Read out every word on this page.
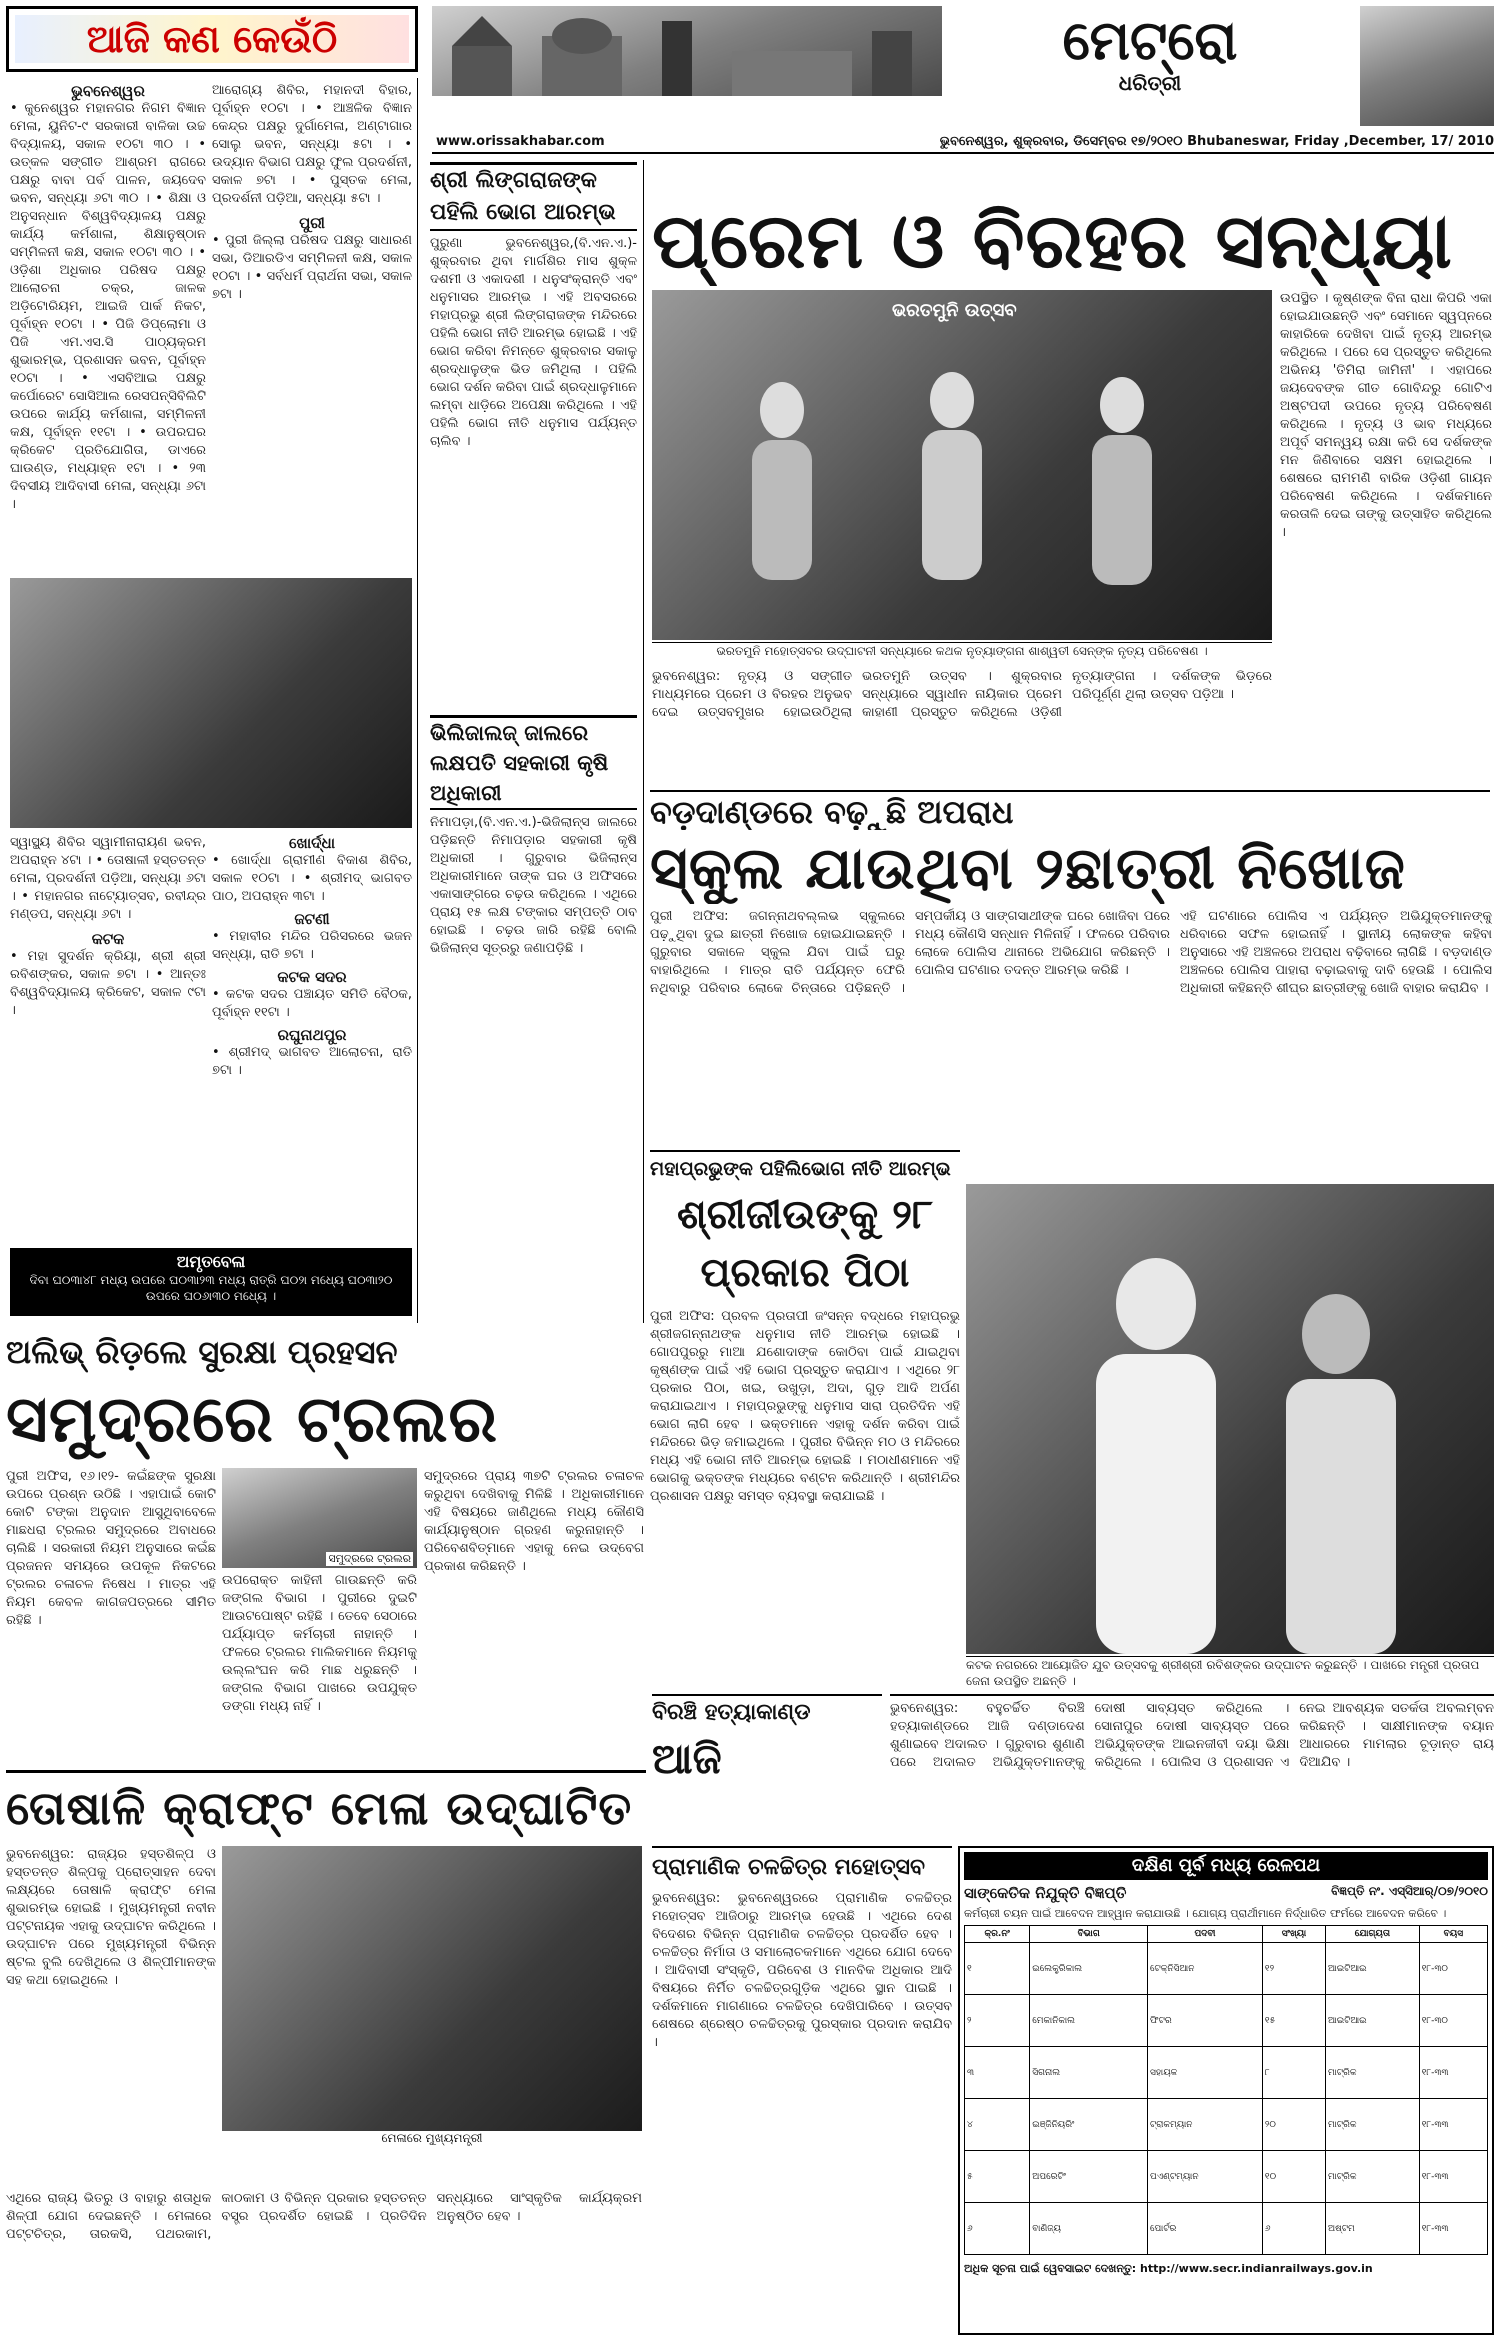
ଆଜି କଣ କେଉଁଠି	ମେଟ୍ରୋ
ଧରିତ୍ରୀ
www.orissakhabar.com	ଭୁବନେଶ୍ୱର, ଶୁକ୍ରବାର, ଡିସେମ୍ବର ୧୭/୨୦୧୦ Bhubaneswar, Friday ,December, 17/ 2010
ଭୁବନେଶ୍ୱର
• କୁନେଶ୍ୱର ମହାନଗର ନିଗମ ବିଜ୍ଞାନ ମେଳା, ୟୁନିଟ-୯ ସରକାରୀ ବାଳିକା ଉଚ୍ଚ ବିଦ୍ୟାଳୟ, ସକାଳ ୧୦ଟା ୩୦ । • ଉତ୍କଳ ସଙ୍ଗୀତ ଆଶ୍ରମ ରାଗରେ ପକ୍ଷରୁ ବାବା ପର୍ବ ପାଳନ, ଜୟଦେବ ଭବନ, ସନ୍ଧ୍ୟା ୬ଟା ୩୦ । • ଶିକ୍ଷା ଓ ଅନୁସନ୍ଧାନ ବିଶ୍ୱବିଦ୍ୟାଳୟ ପକ୍ଷରୁ କାର୍ଯ୍ୟ କର୍ମଶାଳା, ଶିକ୍ଷାନୁଷ୍ଠାନ ସମ୍ମିଳନୀ କକ୍ଷ, ସକାଳ ୧୦ଟା ୩୦ । • ଓଡ଼ିଶା ଅଧିକାର ପରିଷଦ ପକ୍ଷରୁ ଆଲୋଚନା ଚକ୍ର, ଜାଳକ ଅଡ଼ିଟୋରିୟମ, ଆଇଜି ପାର୍କ ନିକଟ, ପୂର୍ବାହ୍ନ ୧୦ଟା । • ପିଜି ଡିପ୍ଲୋମା ଓ ପିଜି ଏମ.ଏସ.ସି ପାଠ୍ୟକ୍ରମ ଶୁଭାରମ୍ଭ, ପ୍ରଶାସନ ଭବନ, ପୂର୍ବାହ୍ନ ୧୦ଟା । • ଏସବିଆଇ ପକ୍ଷରୁ କର୍ପୋରେଟ ସୋସିଆଲ ରେସପନ୍ସିବିଲିଟି ଉପରେ କାର୍ଯ୍ୟ କର୍ମଶାଳା, ସମ୍ମିଳନୀ କକ୍ଷ, ପୂର୍ବାହ୍ନ ୧୧ଟା । • ଉପରଘର କ୍ରିକେଟ ପ୍ରତିଯୋଗିତା, ଡାଏରେ ଘାଉଣ୍ଡ, ମଧ୍ୟାହ୍ନ ୧ଟା । • ୨୩ ଦିବସୀୟ ଆଦିବାସୀ ମେଳା, ସନ୍ଧ୍ୟା ୬ଟା ।
ଆରୋଗ୍ୟ ଶିବିର, ମହାନଦୀ ବିହାର, ପୂର୍ବାହ୍ନ ୧୦ଟା । • ଆଞ୍ଚଳିକ ବିଜ୍ଞାନ କେନ୍ଦ୍ର ପକ୍ଷରୁ ଦୁର୍ଗାମେଳା, ଅଣ୍ଟାଗାର ସୋଲୁ ଭବନ, ସନ୍ଧ୍ୟା ୫ଟା । • ଉଦ୍ୟାନ ବିଭାଗ ପକ୍ଷରୁ ଫୁଲ ପ୍ରଦର୍ଶନୀ, ସକାଳ ୭ଟା । • ପୁସ୍ତକ ମେଳା, ପ୍ରଦର୍ଶନୀ ପଡ଼ିଆ, ସନ୍ଧ୍ୟା ୫ଟା ।
ପୁରୀ
• ପୁରୀ ଜିଲ୍ଲା ପରିଷଦ ପକ୍ଷରୁ ସାଧାରଣ ସଭା, ଡିଆରଡିଏ ସମ୍ମିଳନୀ କକ୍ଷ, ସକାଳ ୧୦ଟା । • ସର୍ବଧର୍ମ ପ୍ରାର୍ଥନା ସଭା, ସକାଳ ୭ଟା ।
ସ୍ୱାସ୍ଥ୍ୟ ଶିବିର ସ୍ୱାମୀନାରାୟଣ ଭବନ, ଅପରାହ୍ନ ୪ଟା । • ତୋଷାଳୀ ହସ୍ତତନ୍ତ ମେଳା, ପ୍ରଦର୍ଶନୀ ପଡ଼ିଆ, ସନ୍ଧ୍ୟା ୬ଟା । • ମହାନଗର ନାଟ୍ୟୋତ୍ସବ, ରବୀନ୍ଦ୍ର ମଣ୍ଡପ, ସନ୍ଧ୍ୟା ୬ଟା ।
କଟକ
• ମହା ସୁଦର୍ଶନ କ୍ରିୟା, ଶ୍ରୀ ଶ୍ରୀ ରବିଶଙ୍କର, ସକାଳ ୭ଟା । • ଆନ୍ତଃ ବିଶ୍ୱବିଦ୍ୟାଳୟ କ୍ରିକେଟ, ସକାଳ ୯ଟା ।
ଖୋର୍ଦ୍ଧା
• ଖୋର୍ଦ୍ଧା ଗ୍ରାମୀଣ ବିକାଶ ଶିବିର, ସକାଳ ୧୦ଟା । • ଶ୍ରୀମଦ୍ ଭାଗବତ ପାଠ, ଅପରାହ୍ନ ୩ଟା ।
ଜଟଣୀ
• ମହାବୀର ମନ୍ଦିର ପରିସରରେ ଭଜନ ସନ୍ଧ୍ୟା, ରାତି ୭ଟା ।
କଟକ ସଦର
• କଟକ ସଦର ପଞ୍ଚାୟତ ସମିତି ବୈଠକ, ପୂର୍ବାହ୍ନ ୧୧ଟା ।
ରଘୁନାଥପୁର
• ଶ୍ରୀମଦ୍ ଭାଗବତ ଆଲୋଚନା, ରାତି ୭ଟା ।
ଅମୃତବେଳା
ଦିବା ଘ୦୩ା୪୮ ମଧ୍ୟ ଉପରେ ଘ୦୩ା୨୩ ମଧ୍ୟ ରାତ୍ରି ଘ୦୨ା ମଧ୍ୟେ ଘ୦୩ା୨୦ ଉପରେ ଘ୦୬ା୩୦ ମଧ୍ୟେ ।
ଶ୍ରୀ ଲିଙ୍ଗରାଜଙ୍କ ପହିଲି ଭୋଗ ଆରମ୍ଭ
ପୁରୁଣା ଭୁବନେଶ୍ୱର,(ବି.ଏନ.ଏ.)- ଶୁକ୍ରବାର ଥିବା ମାର୍ଗଶିର ମାସ ଶୁକ୍ଳ ଦଶମୀ ଓ ଏକାଦଶୀ । ଧନୁସଂକ୍ରାନ୍ତି ଏବଂ ଧନୁମାସର ଆରମ୍ଭ । ଏହି ଅବସରରେ ମହାପ୍ରଭୁ ଶ୍ରୀ ଲିଙ୍ଗରାଜଙ୍କ ମନ୍ଦିରରେ ପହିଲି ଭୋଗ ନୀତି ଆରମ୍ଭ ହୋଇଛି । ଏହି ଭୋଗ କରିବା ନିମନ୍ତେ ଶୁକ୍ରବାର ସକାଳୁ ଶ୍ରଦ୍ଧାଳୁଙ୍କ ଭିଡ ଜମିଥିଲା । ପହିଲି ଭୋଗ ଦର୍ଶନ କରିବା ପାଇଁ ଶ୍ରଦ୍ଧାଳୁମାନେ ଲମ୍ବା ଧାଡ଼ିରେ ଅପେକ୍ଷା କରିଥିଲେ । ଏହି ପହିଲି ଭୋଗ ନୀତି ଧନୁମାସ ପର୍ଯ୍ୟନ୍ତ ଚାଲିବ ।
ଭିଲିଜାଲଜ୍ ଜାଲରେ ଲକ୍ଷପତି ସହକାରୀ କୃଷି ଅଧିକାରୀ
ନିମାପଡ଼ା,(ବି.ଏନ.ଏ.)-ଭିଜିଲାନ୍ସ ଜାଲରେ ପଡ଼ିଛନ୍ତି ନିମାପଡ଼ାର ସହକାରୀ କୃଷି ଅଧିକାରୀ । ଗୁରୁବାର ଭିଜିଲାନ୍ସ ଅଧିକାରୀମାନେ ତାଙ୍କ ଘର ଓ ଅଫିସରେ ଏକାସାଙ୍ଗରେ ଚଢ଼ଉ କରିଥିଲେ । ଏଥିରେ ପ୍ରାୟ ୧୫ ଲକ୍ଷ ଟଙ୍କାର ସମ୍ପତ୍ତି ଠାବ ହୋଇଛି । ଚଢ଼ଉ ଜାରି ରହିଛି ବୋଲି ଭିଜିଲାନ୍ସ ସୂତ୍ରରୁ ଜଣାପଡ଼ିଛି ।
ପ୍ରେମ ଓ ବିରହର ସନ୍ଧ୍ୟା
ଭରତମୁନି ଉତ୍ସବ
ଉପସ୍ଥିତ । କୃଷ୍ଣଙ୍କ ବିନା ରାଧା କିପରି ଏକା ହୋଇଯାଉଛନ୍ତି ଏବଂ ସେମାନେ ସ୍ୱପ୍ନରେ କାହାରିକେ ଦେଖିବା ପାଇଁ ନୃତ୍ୟ ଆରମ୍ଭ କରିଥିଲେ । ପରେ ସେ ପ୍ରସ୍ତୁତ କରିଥିଲେ ଅଭିନୟ 'ତିମିରା ଜାମିନୀ' । ଏହାପରେ ଜୟଦେବଙ୍କ ଗୀତ ଗୋବିନ୍ଦରୁ ଗୋଟିଏ ଅଷ୍ଟପଦୀ ଉପରେ ନୃତ୍ୟ ପରିବେଷଣ କରିଥିଲେ । ନୃତ୍ୟ ଓ ଭାବ ମଧ୍ୟରେ ଅପୂର୍ବ ସମନ୍ୱୟ ରକ୍ଷା କରି ସେ ଦର୍ଶକଙ୍କ ମନ ଜିଣିବାରେ ସକ୍ଷମ ହୋଇଥିଲେ । ଶେଷରେ ରାମମଣି ବାରିକ ଓଡ଼ିଶୀ ଗାୟନ ପରିବେଷଣ କରିଥିଲେ । ଦର୍ଶକମାନେ କରତାଳି ଦେଇ ତାଙ୍କୁ ଉତ୍ସାହିତ କରିଥିଲେ ।
ଭରତମୁନି ମହୋତ୍ସବର ଉଦ୍‌ଘାଟନୀ ସନ୍ଧ୍ୟାରେ କଥକ ନୃତ୍ୟାଙ୍ଗନା ଶାଶ୍ୱତୀ ସେନ୍‌ଙ୍କ ନୃତ୍ୟ ପରିବେଷଣ ।
ଭୁବନେଶ୍ୱର: ନୃତ୍ୟ ଓ ସଙ୍ଗୀତ ମାଧ୍ୟମରେ ପ୍ରେମ ଓ ବିରହର ଅନୁଭବ ଦେଇ ଉତ୍ସବମୁଖର ହୋଇଉଠିଥିଲା ଭରତମୁନି ଉତ୍ସବ । ଶୁକ୍ରବାର ସନ୍ଧ୍ୟାରେ ସ୍ୱାଧୀନ ନାୟିକାର ପ୍ରେମ କାହାଣୀ ପ୍ରସ୍ତୁତ କରିଥିଲେ ଓଡ଼ିଶୀ ନୃତ୍ୟାଙ୍ଗନା । ଦର୍ଶକଙ୍କ ଭିଡ଼ରେ ପରିପୂର୍ଣ୍ଣ ଥିଲା ଉତ୍ସବ ପଡ଼ିଆ ।
ବଡ଼ଦାଣ୍ଡରେ ବଢ଼ୁଛି ଅପରାଧ
ସ୍କୁଲ ଯାଉଥିବା ୨ଛାତ୍ରୀ ନିଖୋଜ
ପୁରୀ ଅଫିସ: ଜଗନ୍ନାଥବଲ୍ଲଭ ସ୍କୁଲରେ ପଢ଼ୁଥିବା ଦୁଇ ଛାତ୍ରୀ ନିଖୋଜ ହୋଇଯାଇଛନ୍ତି । ଗୁରୁବାର ସକାଳେ ସ୍କୁଲ ଯିବା ପାଇଁ ଘରୁ ବାହାରିଥିଲେ । ମାତ୍ର ରାତି ପର୍ଯ୍ୟନ୍ତ ଫେରି ନଥିବାରୁ ପରିବାର ଲୋକେ ଚିନ୍ତାରେ ପଡ଼ିଛନ୍ତି । ସମ୍ପର୍କୀୟ ଓ ସାଙ୍ଗସାଥୀଙ୍କ ଘରେ ଖୋଜିବା ପରେ ମଧ୍ୟ କୌଣସି ସନ୍ଧାନ ମିଳିନାହିଁ । ଫଳରେ ପରିବାର ଲୋକେ ପୋଲିସ ଥାନାରେ ଅଭିଯୋଗ କରିଛନ୍ତି । ପୋଲିସ ଘଟଣାର ତଦନ୍ତ ଆରମ୍ଭ କରିଛି ।
ଏହି ଘଟଣାରେ ପୋଲିସ ଏ ପର୍ଯ୍ୟନ୍ତ ଅଭିଯୁକ୍ତମାନଙ୍କୁ ଧରିବାରେ ସଫଳ ହୋଇନାହିଁ । ସ୍ଥାନୀୟ ଲୋକଙ୍କ କହିବା ଅନୁସାରେ ଏହି ଅଞ୍ଚଳରେ ଅପରାଧ ବଢ଼ିବାରେ ଲାଗିଛି । ବଡ଼ଦାଣ୍ଡ ଅଞ୍ଚଳରେ ପୋଲିସ ପାହାରା ବଢ଼ାଇବାକୁ ଦାବି ହେଉଛି । ପୋଲିସ ଅଧିକାରୀ କହିଛନ୍ତି ଶୀଘ୍ର ଛାତ୍ରୀଙ୍କୁ ଖୋଜି ବାହାର କରାଯିବ ।
ମହାପ୍ରଭୁଙ୍କ ପହିଲିଭୋଗ ନୀତି ଆରମ୍ଭ
ଶ୍ରୀଜୀଉଙ୍କୁ ୨୮ ପ୍ରକାର ପିଠା
ପୁରୀ ଅଫିସ: ପ୍ରବଳ ପ୍ରତାପୀ ଜଂସନ୍ନ ବଦ୍ଧରେ ମହାପ୍ରଭୁ ଶ୍ରୀଜଗନ୍ନାଥଙ୍କ ଧନୁମାସ ନୀତି ଆରମ୍ଭ ହୋଇଛି । ଗୋପପୁରରୁ ମାଆ ଯଶୋଦାଙ୍କ କୋଠିବା ପାଇଁ ଯାଇଥିବା କୃଷ୍ଣଙ୍କ ପାଇଁ ଏହି ଭୋଗ ପ୍ରସ୍ତୁତ କରାଯାଏ । ଏଥିରେ ୨୮ ପ୍ରକାର ପିଠା, ଖଇ, ଉଖୁଡ଼ା, ଅଦା, ଗୁଡ଼ ଆଦି ଅର୍ପଣ କରାଯାଇଥାଏ । ମହାପ୍ରଭୁଙ୍କୁ ଧନୁମାସ ସାରା ପ୍ରତିଦିନ ଏହି ଭୋଗ ଲାଗି ହେବ । ଭକ୍ତମାନେ ଏହାକୁ ଦର୍ଶନ କରିବା ପାଇଁ ମନ୍ଦିରରେ ଭିଡ଼ ଜମାଇଥିଲେ । ପୁରୀର ବିଭିନ୍ନ ମଠ ଓ ମନ୍ଦିରରେ ମଧ୍ୟ ଏହି ଭୋଗ ନୀତି ଆରମ୍ଭ ହୋଇଛି । ମଠାଧୀଶମାନେ ଏହି ଭୋଗକୁ ଭକ୍ତଙ୍କ ମଧ୍ୟରେ ବଣ୍ଟନ କରିଥାନ୍ତି । ଶ୍ରୀମନ୍ଦିର ପ୍ରଶାସନ ପକ୍ଷରୁ ସମସ୍ତ ବ୍ୟବସ୍ଥା କରାଯାଇଛି ।
କଟକ ନଗରରେ ଆୟୋଜିତ ଯୁବ ଉତ୍ସବକୁ ଶ୍ରୀଶ୍ରୀ ରବିଶଙ୍କର ଉଦ୍‌ଘାଟନ କରୁଛନ୍ତି । ପାଖରେ ମନ୍ତ୍ରୀ ପ୍ରତାପ ଜେନା ଉପସ୍ଥିତ ଅଛନ୍ତି ।
ଅଲିଭ୍ ରିଡ଼ଲେ ସୁରକ୍ଷା ପ୍ରହସନ
ସମୁଦ୍ରରେ ଟ୍ରଲର
ପୁରୀ ଅଫିସ, ୧୬।୧୨- କଇଁଛଙ୍କ ସୁରକ୍ଷା ଉପରେ ପ୍ରଶ୍ନ ଉଠିଛି । ଏହାପାଇଁ କୋଟି କୋଟି ଟଙ୍କା ଅନୁଦାନ ଆସୁଥିବାବେଳେ ମାଛଧରା ଟ୍ରଲର ସମୁଦ୍ରରେ ଅବାଧରେ ଚାଲିଛି । ସରକାରୀ ନିୟମ ଅନୁସାରେ କଇଁଛ ପ୍ରଜନନ ସମୟରେ ଉପକୂଳ ନିକଟରେ ଟ୍ରଲର ଚଳାଚଳ ନିଷେଧ । ମାତ୍ର ଏହି ନିୟମ କେବଳ କାଗଜପତ୍ରରେ ସୀମିତ ରହିଛି ।
ସମୁଦ୍ରରେ ଟ୍ରଲର
ଉପରୋକ୍ତ କାହିନୀ ଗାଉଛନ୍ତି କରି ଜଙ୍ଗଲ ବିଭାଗ । ପୁରୀରେ ଦୁଇଟି ଆଉଟପୋଷ୍ଟ ରହିଛି । ତେବେ ସେଠାରେ ପର୍ଯ୍ୟାପ୍ତ କର୍ମଚାରୀ ନାହାନ୍ତି । ଫଳରେ ଟ୍ରଲର ମାଲିକମାନେ ନିୟମକୁ ଉଲ୍ଲଂଘନ କରି ମାଛ ଧରୁଛନ୍ତି । ଜଙ୍ଗଲ ବିଭାଗ ପାଖରେ ଉପଯୁକ୍ତ ଡଙ୍ଗା ମଧ୍ୟ ନାହିଁ ।
ସମୁଦ୍ରରେ ପ୍ରାୟ ୩୭ଟି ଟ୍ରଲର ଚଳାଚଳ କରୁଥିବା ଦେଖିବାକୁ ମିଳିଛି । ଅଧିକାରୀମାନେ ଏହି ବିଷୟରେ ଜାଣିଥିଲେ ମଧ୍ୟ କୌଣସି କାର୍ଯ୍ୟାନୁଷ୍ଠାନ ଗ୍ରହଣ କରୁନାହାନ୍ତି । ପରିବେଶବିତ୍‌ମାନେ ଏହାକୁ ନେଇ ଉଦ୍‌ବେଗ ପ୍ରକାଶ କରିଛନ୍ତି ।
ବିରଞ୍ଚି ହତ୍ୟାକାଣ୍ଡ
ଆଜି
ଭୁବନେଶ୍ୱର: ବହୁଚର୍ଚ୍ଚିତ ବିରଞ୍ଚି ହତ୍ୟାକାଣ୍ଡରେ ଆଜି ଦଣ୍ଡାଦେଶ ଶୁଣାଇବେ ଅଦାଲତ । ଗୁରୁବାର ଶୁଣାଣି ପରେ ଅଦାଲତ ଅଭିଯୁକ୍ତମାନଙ୍କୁ ଦୋଷୀ ସାବ୍ୟସ୍ତ କରିଥିଲେ । ସୋନାପୁର ଦୋଷୀ ସାବ୍ୟସ୍ତ ପରେ ଅଭିଯୁକ୍ତଙ୍କ ଆଇନଜୀବୀ ଦୟା ଭିକ୍ଷା କରିଥିଲେ । ପୋଲିସ ଓ ପ୍ରଶାସନ ଏ ନେଇ ଆବଶ୍ୟକ ସତର୍କତା ଅବଲମ୍ବନ କରିଛନ୍ତି । ସାକ୍ଷୀମାନଙ୍କ ବୟାନ ଆଧାରରେ ମାମଲାର ଚୂଡ଼ାନ୍ତ ରାୟ ଦିଆଯିବ ।
ତୋଷାଳି କ୍ରାଫ୍ଟ ମେଳା ଉଦ୍‌ଘାଟିତ
ଭୁବନେଶ୍ୱର: ରାଜ୍ୟର ହସ୍ତଶିଳ୍ପ ଓ ହସ୍ତତନ୍ତ ଶିଳ୍ପକୁ ପ୍ରୋତ୍ସାହନ ଦେବା ଲକ୍ଷ୍ୟରେ ତୋଷାଳି କ୍ରାଫ୍ଟ ମେଳା ଶୁଭାରମ୍ଭ ହୋଇଛି । ମୁଖ୍ୟମନ୍ତ୍ରୀ ନବୀନ ପଟ୍ଟନାୟକ ଏହାକୁ ଉଦ୍‌ଘାଟନ କରିଥିଲେ । ଉଦ୍‌ଘାଟନ ପରେ ମୁଖ୍ୟମନ୍ତ୍ରୀ ବିଭିନ୍ନ ଷ୍ଟଲ ବୁଲି ଦେଖିଥିଲେ ଓ ଶିଳ୍ପୀମାନଙ୍କ ସହ କଥା ହୋଇଥିଲେ ।
ମେଳାରେ ମୁଖ୍ୟମନ୍ତ୍ରୀ
ଏଥିରେ ରାଜ୍ୟ ଭିତରୁ ଓ ବାହାରୁ ଶତାଧିକ ଶିଳ୍ପୀ ଯୋଗ ଦେଇଛନ୍ତି । ମେଳାରେ ପଟ୍ଟଚିତ୍ର, ତାରକସି, ପଥରକାମ, କାଠକାମ ଓ ବିଭିନ୍ନ ପ୍ରକାର ହସ୍ତତନ୍ତ ବସ୍ତ୍ର ପ୍ରଦର୍ଶିତ ହୋଇଛି । ପ୍ରତିଦିନ ସନ୍ଧ୍ୟାରେ ସାଂସ୍କୃତିକ କାର୍ଯ୍ୟକ୍ରମ ଅନୁଷ୍ଠିତ ହେବ ।
ପ୍ରାମାଣିକ ଚଳଚ୍ଚିତ୍ର ମହୋତ୍ସବ
ଭୁବନେଶ୍ୱର: ଭୁବନେଶ୍ୱରରେ ପ୍ରାମାଣିକ ଚଳଚ୍ଚିତ୍ର ମହୋତ୍ସବ ଆଜିଠାରୁ ଆରମ୍ଭ ହେଉଛି । ଏଥିରେ ଦେଶ ବିଦେଶର ବିଭିନ୍ନ ପ୍ରାମାଣିକ ଚଳଚ୍ଚିତ୍ର ପ୍ରଦର୍ଶିତ ହେବ । ଚଳଚ୍ଚିତ୍ର ନିର୍ମାତା ଓ ସମାଲୋଚକମାନେ ଏଥିରେ ଯୋଗ ଦେବେ । ଆଦିବାସୀ ସଂସ୍କୃତି, ପରିବେଶ ଓ ମାନବିକ ଅଧିକାର ଆଦି ବିଷୟରେ ନିର୍ମିତ ଚଳଚ୍ଚିତ୍ରଗୁଡ଼ିକ ଏଥିରେ ସ୍ଥାନ ପାଇଛି । ଦର୍ଶକମାନେ ମାଗଣାରେ ଚଳଚ୍ଚିତ୍ର ଦେଖିପାରିବେ । ଉତ୍ସବ ଶେଷରେ ଶ୍ରେଷ୍ଠ ଚଳଚ୍ଚିତ୍ରକୁ ପୁରସ୍କାର ପ୍ରଦାନ କରାଯିବ ।
ଦକ୍ଷିଣ ପୂର୍ବ ମଧ୍ୟ ରେଳପଥ
ସାଙ୍କେତିକ ନିଯୁକ୍ତି ବିଜ୍ଞପ୍ତି	ବିଜ୍ଞପ୍ତି ନଂ. ଏସ୍‌ସିଆର୍‌/୦୭/୨୦୧୦
କର୍ମଚାରୀ ଚୟନ ପାଇଁ ଆବେଦନ ଆହ୍ୱାନ କରାଯାଉଛି । ଯୋଗ୍ୟ ପ୍ରାର୍ଥୀମାନେ ନିର୍ଦ୍ଧାରିତ ଫର୍ମରେ ଆବେଦନ କରିବେ ।
କ୍ର.ନଂ	ବିଭାଗ	ପଦବୀ	ସଂଖ୍ୟା	ଯୋଗ୍ୟତା	ବୟସ
୧	ଇଲେକ୍ଟ୍ରିକାଲ	ଟେକ୍ନିସିଆନ	୧୨	ଆଇଟିଆଇ	୧୮-୩୦
୨	ମେକାନିକାଲ	ଫିଟର	୧୫	ଆଇଟିଆଇ	୧୮-୩୦
୩	ସିଗନାଲ	ସହାୟକ	୮	ମାଟ୍ରିକ	୧୮-୩୩
୪	ଇଞ୍ଜିନିୟରିଂ	ଟ୍ରାକମ୍ୟାନ	୨୦	ମାଟ୍ରିକ	୧୮-୩୩
୫	ଅପରେଟିଂ	ପଏଣ୍ଟମ୍ୟାନ	୧୦	ମାଟ୍ରିକ	୧୮-୩୩
୬	ବାଣିଜ୍ୟ	ପୋର୍ଟର	୬	ଅଷ୍ଟମ	୧୮-୩୩
ଅଧିକ ସୂଚନା ପାଇଁ ୱେବସାଇଟ ଦେଖନ୍ତୁ: http://www.secr.indianrailways.gov.in
